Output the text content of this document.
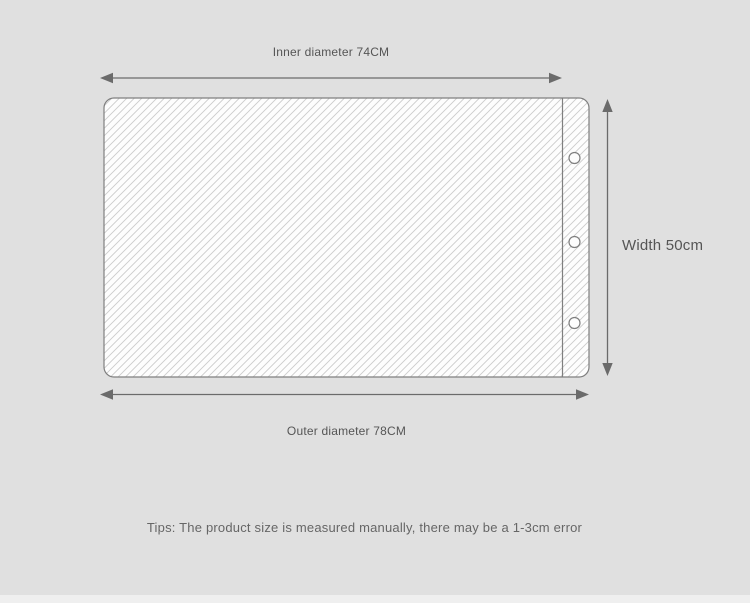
Inner diameter 74CM
Width 50cm
Outer diameter 78CM
Tips: The product size is measured manually, there may be a 1-3cm error
